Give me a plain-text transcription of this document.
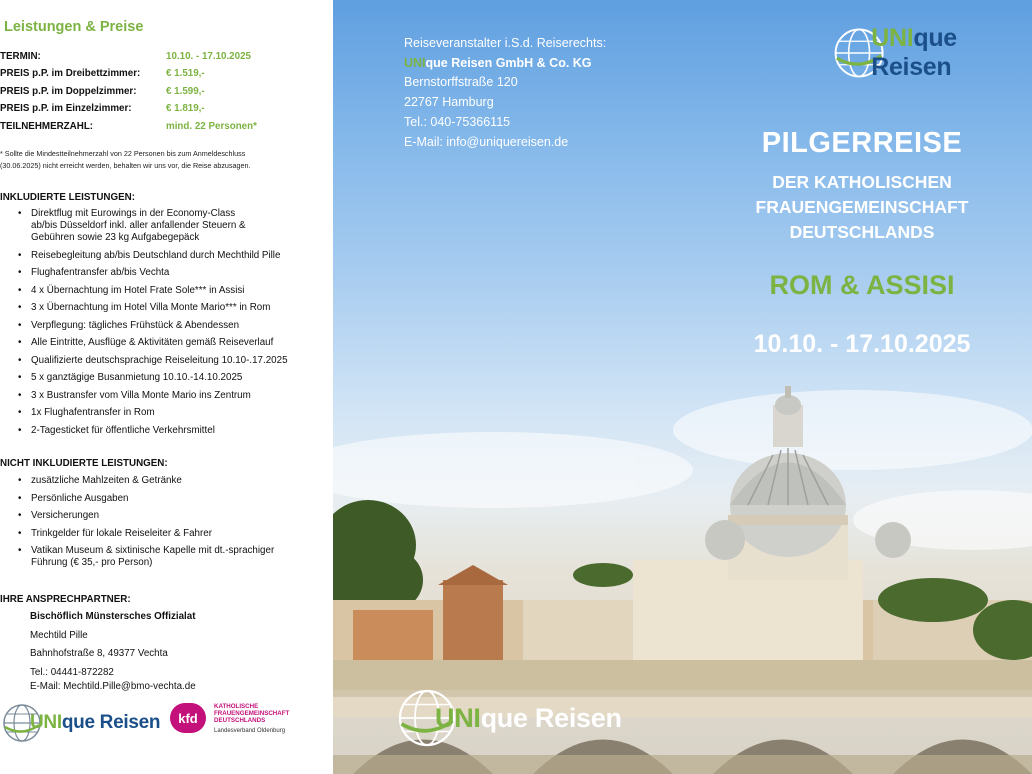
Leistungen & Preise
TERMIN:	10.10. - 17.10.2025
PREIS p.P. im Dreibettzimmer:	€ 1.519,-
PREIS p.P. im Doppelzimmer:	€ 1.599,-
PREIS p.P. im Einzelzimmer:	€ 1.819,-
TEILNEHMERZAHL:	mind. 22 Personen*
* Sollte die Mindestteilnehmerzahl von 22 Personen bis zum Anmeldeschluss
(30.06.2025) nicht erreicht werden, behalten wir uns vor, die Reise abzusagen.
INKLUDIERTE LEISTUNGEN:
• Direktflug mit Eurowings in der Economy-Class
ab/bis Düsseldorf inkl. aller anfallender Steuern &
Gebühren sowie 23 kg Aufgabegepäck
• Reisebegleitung ab/bis Deutschland durch Mechthild Pille
• Flughafentransfer ab/bis Vechta
• 4 x Übernachtung im Hotel Frate Sole*** in Assisi
• 3 x Übernachtung im Hotel Villa Monte Mario*** in Rom
• Verpflegung: tägliches Frühstück & Abendessen
• Alle Eintritte, Ausflüge & Aktivitäten gemäß Reiseverlauf
• Qualifizierte deutschsprachige Reiseleitung 10.10-.17.2025
• 5 x ganztägige Busanmietung 10.10.-14.10.2025
• 3 x Bustransfer vom Villa Monte Mario ins Zentrum
• 1x Flughafentransfer in Rom
• 2-Tagesticket für öffentliche Verkehrsmittel
NICHT INKLUDIERTE LEISTUNGEN:
• zusätzliche Mahlzeiten & Getränke
• Persönliche Ausgaben
• Versicherungen
• Trinkgelder für lokale Reiseleiter & Fahrer
• Vatikan Museum & sixtinische Kapelle mit dt.-sprachiger
Führung (€ 35,- pro Person)
IHRE ANSPRECHPARTNER:
Bischöflich Münstersches Offizialat
Mechtild Pille
Bahnhofstraße 8, 49377 Vechta
Tel.: 04441-872282
E-Mail: Mechtild.Pille@bmo-vechta.de
UNIque Reisen	kfd
KATHOLISCHE
FRAUENGEMEINSCHAFT
DEUTSCHLANDS
Landesverband Oldenburg
Reiseveranstalter i.S.d. Reiserechts:
UNIque Reisen GmbH & Co. KG
Bernstorffstraße 120
22767 Hamburg
Tel.: 040-75366115
E-Mail: info@uniquereisen.de
UNIque Reisen
PILGERREISE
DER KATHOLISCHEN
FRAUENGEMEINSCHAFT
DEUTSCHLANDS
ROM & ASSISI
10.10. - 17.10.2025
UNIque Reisen
